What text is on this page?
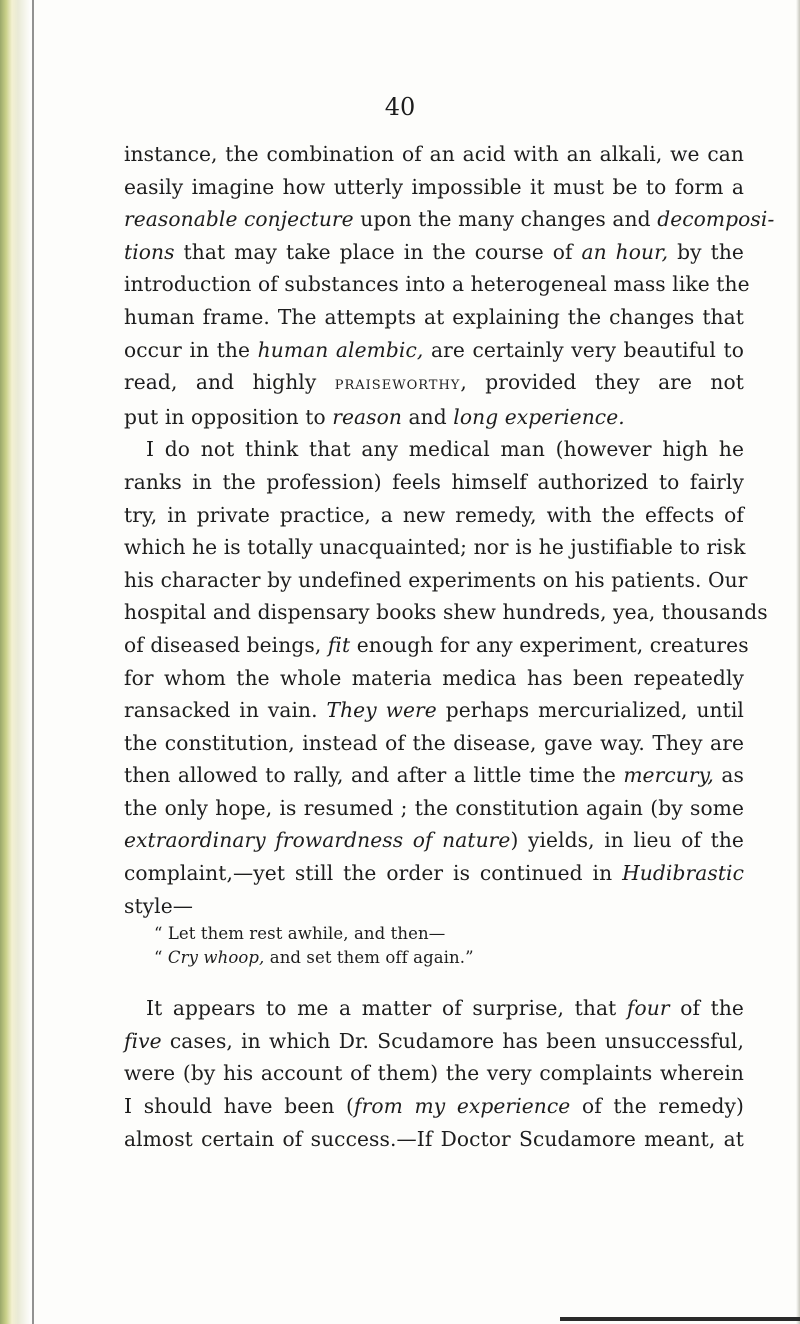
40
instance, the combination of an acid with an alkali, we can
easily imagine how utterly impossible it must be to form a
reasonable conjecture upon the many changes and decomposi-
tions that may take place in the course of an hour, by the
introduction of substances into a heterogeneal mass like the
human frame. The attempts at explaining the changes that
occur in the human alembic, are certainly very beautiful to
read, and highly praiseworthy, provided they are not
put in opposition to reason and long experience.
I do not think that any medical man (however high he
ranks in the profession) feels himself authorized to fairly
try, in private practice, a new remedy, with the effects of
which he is totally unacquainted; nor is he justifiable to risk
his character by undefined experiments on his patients. Our
hospital and dispensary books shew hundreds, yea, thousands
of diseased beings, fit enough for any experiment, creatures
for whom the whole materia medica has been repeatedly
ransacked in vain. They were perhaps mercurialized, until
the constitution, instead of the disease, gave way. They are
then allowed to rally, and after a little time the mercury, as
the only hope, is resumed ; the constitution again (by some
extraordinary frowardness of nature) yields, in lieu of the
complaint,—yet still the order is continued in Hudibrastic
style—
“ Let them rest awhile, and then—
“ Cry whoop, and set them off again.”
It appears to me a matter of surprise, that four of the
five cases, in which Dr. Scudamore has been unsuccessful,
were (by his account of them) the very complaints wherein
I should have been (from my experience of the remedy)
almost certain of success.—If Doctor Scudamore meant, at
